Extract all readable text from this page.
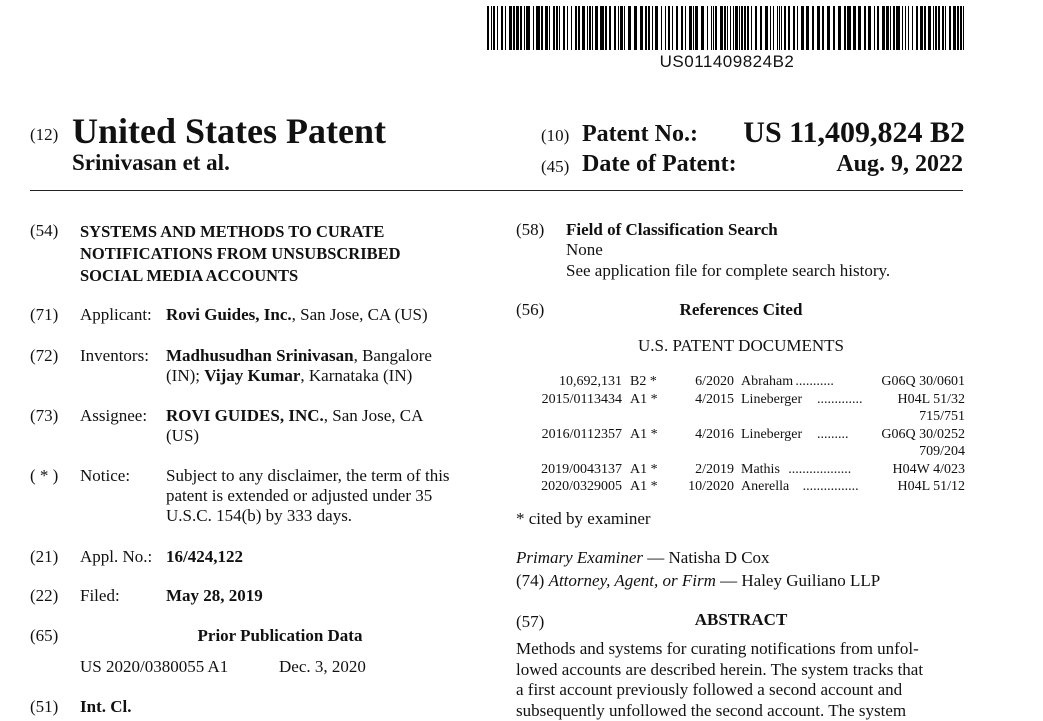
US011409824B2
(12) United States Patent
Srinivasan et al.
(10) Patent No.: US 11,409,824 B2
(45) Date of Patent:	Aug. 9, 2022
(54) SYSTEMS AND METHODS TO CURATE
NOTIFICATIONS FROM UNSUBSCRIBED
SOCIAL MEDIA ACCOUNTS
(71) Applicant: Rovi Guides, Inc., San Jose, CA (US)
(72) Inventors: Madhusudhan Srinivasan, Bangalore
(IN); Vijay Kumar, Karnataka (IN)
(73) Assignee: ROVI GUIDES, INC., San Jose, CA
(US)
( * ) Notice: Subject to any disclaimer, the term of this
patent is extended or adjusted under 35
U.S.C. 154(b) by 333 days.
(21) Appl. No.: 16/424,122
(22) Filed:	May 28, 2019
(65)	Prior Publication Data
US 2020/0380055 A1	Dec. 3, 2020
(51) Int. Cl.
(58) Field of Classification Search
None
See application file for complete search history.
(56)	References Cited
U.S. PATENT DOCUMENTS
10,692,131 B2 *	6/2020 Abraham ...........	G06Q 30/0601
2015/0113434 A1 *	4/2015 Lineberger .............	H04L 51/32
715/751
2016/0112357 A1 *	4/2016 Lineberger .........	G06Q 30/0252
709/204
2019/0043137 A1 *	2/2019 Mathis ..................	H04W 4/023
2020/0329005 A1 *	10/2020 Anerella ................	H04L 51/12
* cited by examiner
Primary Examiner — Natisha D Cox
(74) Attorney, Agent, or Firm — Haley Guiliano LLP
(57)	ABSTRACT
Methods and systems for curating notifications from unfol-
lowed accounts are described herein. The system tracks that
a first account previously followed a second account and
subsequently unfollowed the second account. The system
